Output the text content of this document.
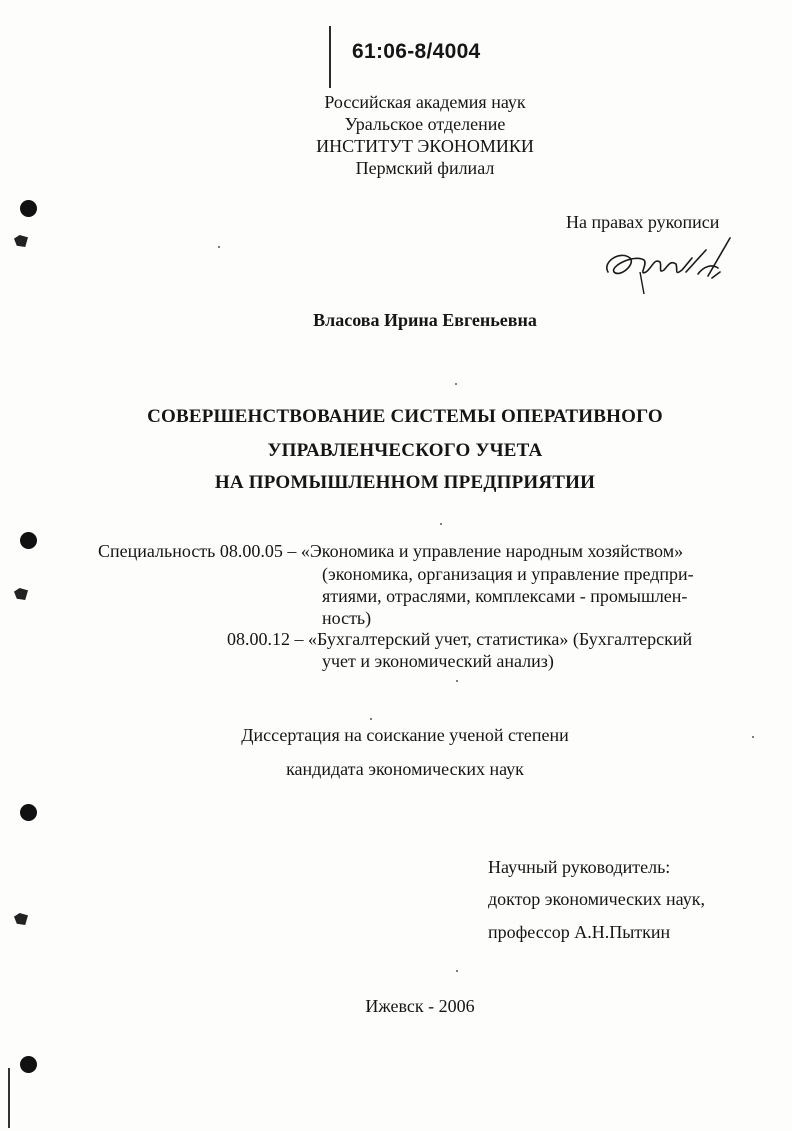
61:06-8/4004
Российская академия наук
Уральское отделение
ИНСТИТУТ ЭКОНОМИКИ
Пермский филиал
На правах рукописи
Власова Ирина Евгеньевна
СОВЕРШЕНСТВОВАНИЕ СИСТЕМЫ ОПЕРАТИВНОГО
УПРАВЛЕНЧЕСКОГО УЧЕТА
НА ПРОМЫШЛЕННОМ ПРЕДПРИЯТИИ
Специальность 08.00.05 – «Экономика и управление народным хозяйством»
(экономика, организация и управление предпри-
ятиями, отраслями, комплексами - промышлен-
ность)
08.00.12 – «Бухгалтерский учет, статистика» (Бухгалтерский
учет и экономический анализ)
Диссертация на соискание ученой степени
кандидата экономических наук
Научный руководитель:
доктор экономических наук,
профессор А.Н.Пыткин
Ижевск - 2006
